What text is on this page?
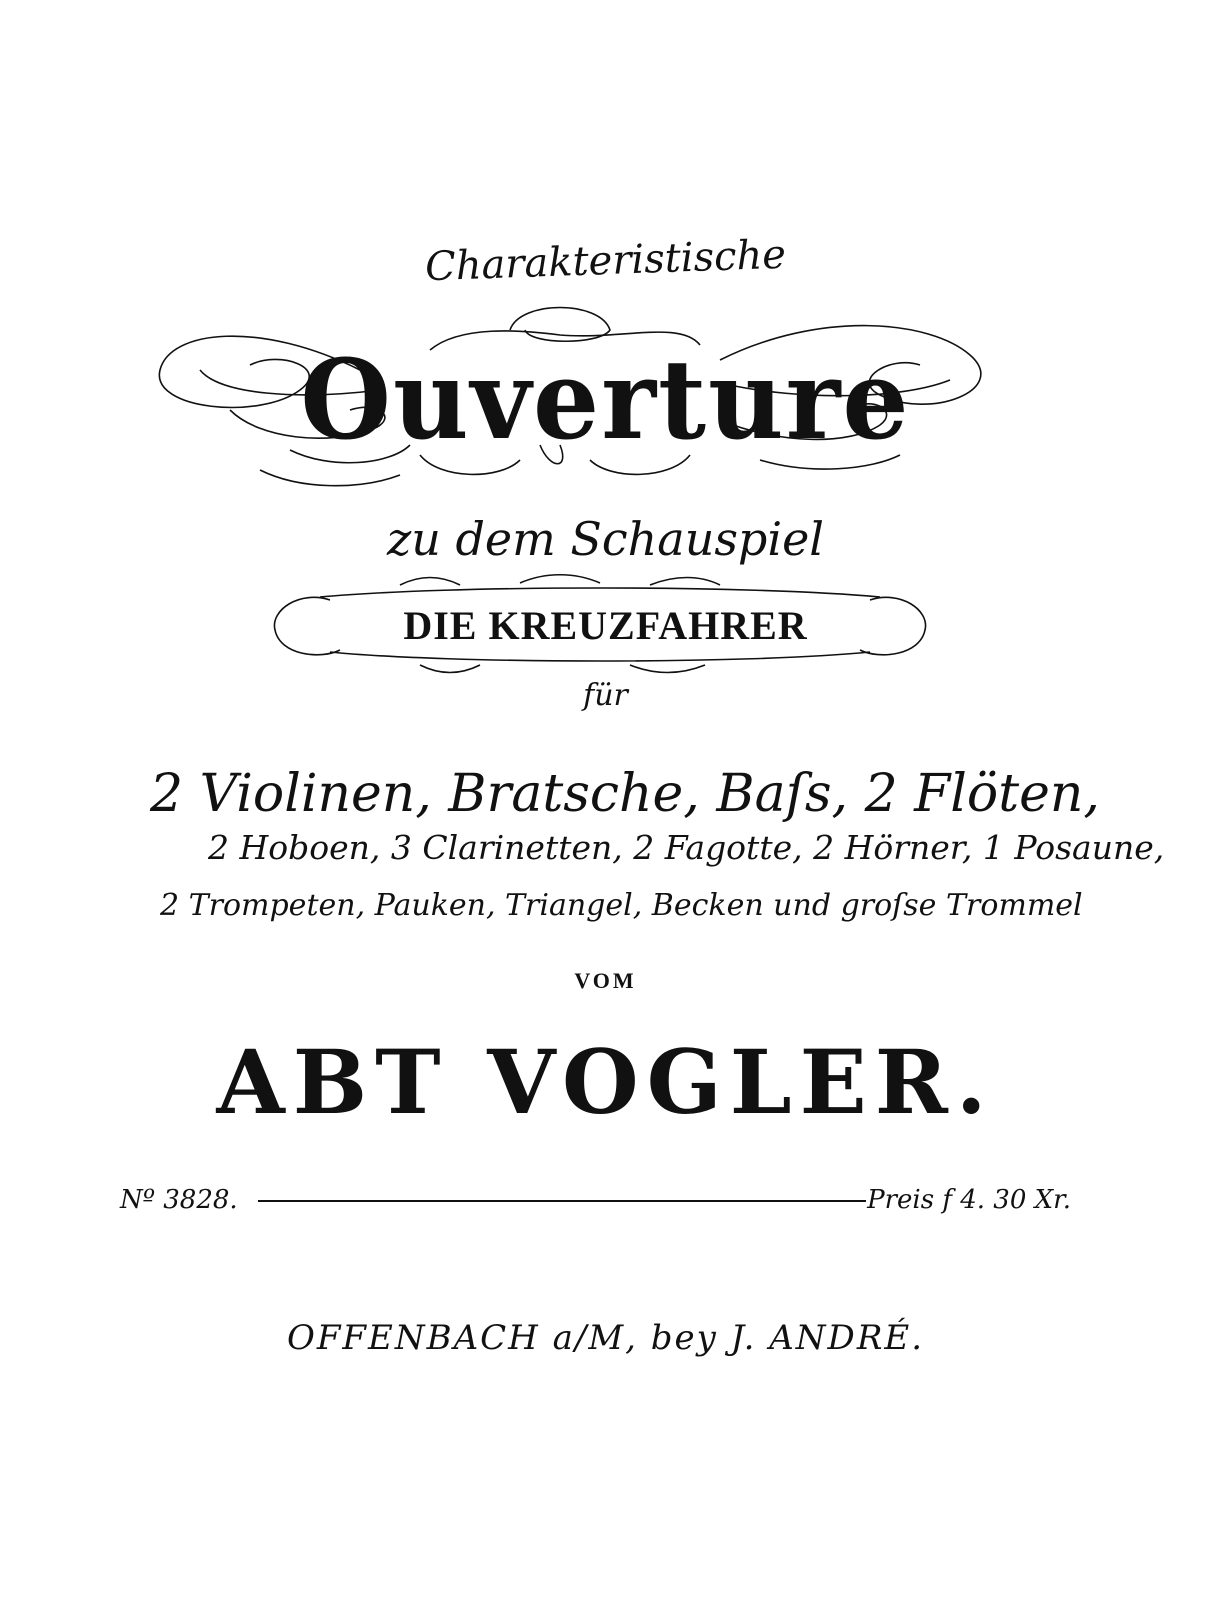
Charakteristische
Ouverture
zu dem Schauspiel
DIE KREUZFAHRER
für
2 Violinen, Bratsche, Baſs, 2 Flöten,
2 Hoboen, 3 Clarinetten, 2 Fagotte, 2 Hörner, 1 Posaune,
2 Trompeten, Pauken, Triangel, Becken und groſse Trommel
VOM
ABT VOGLER.
Nº 3828.	Preis f 4. 30 Xr.
OFFENBACH a/M, bey J. ANDRÉ.
